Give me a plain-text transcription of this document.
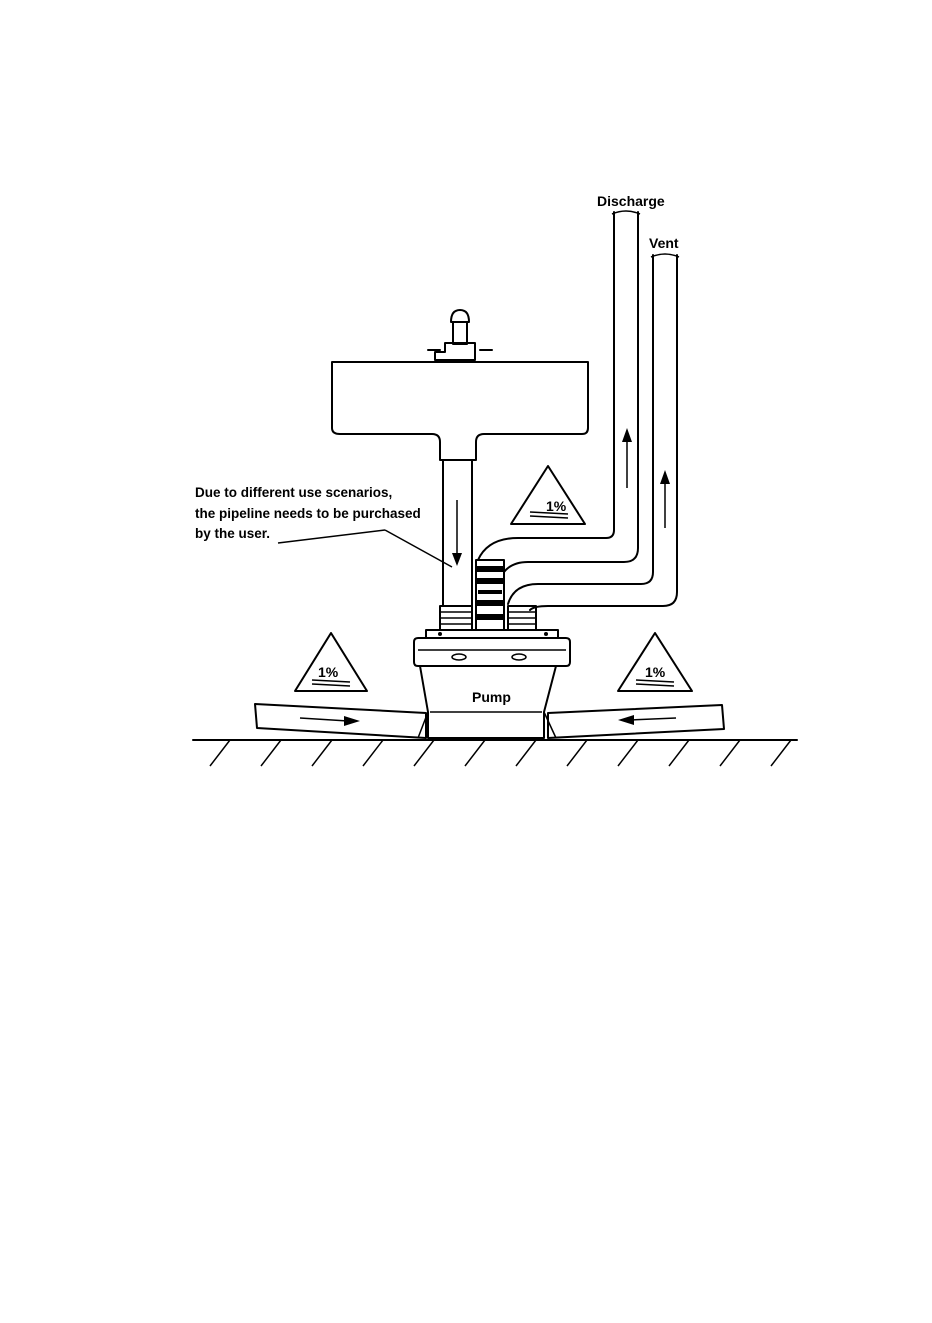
1%
1%
1%
Discharge
Vent
Pump
Due to different use scenarios,
the pipeline needs to be purchased
by the user.
